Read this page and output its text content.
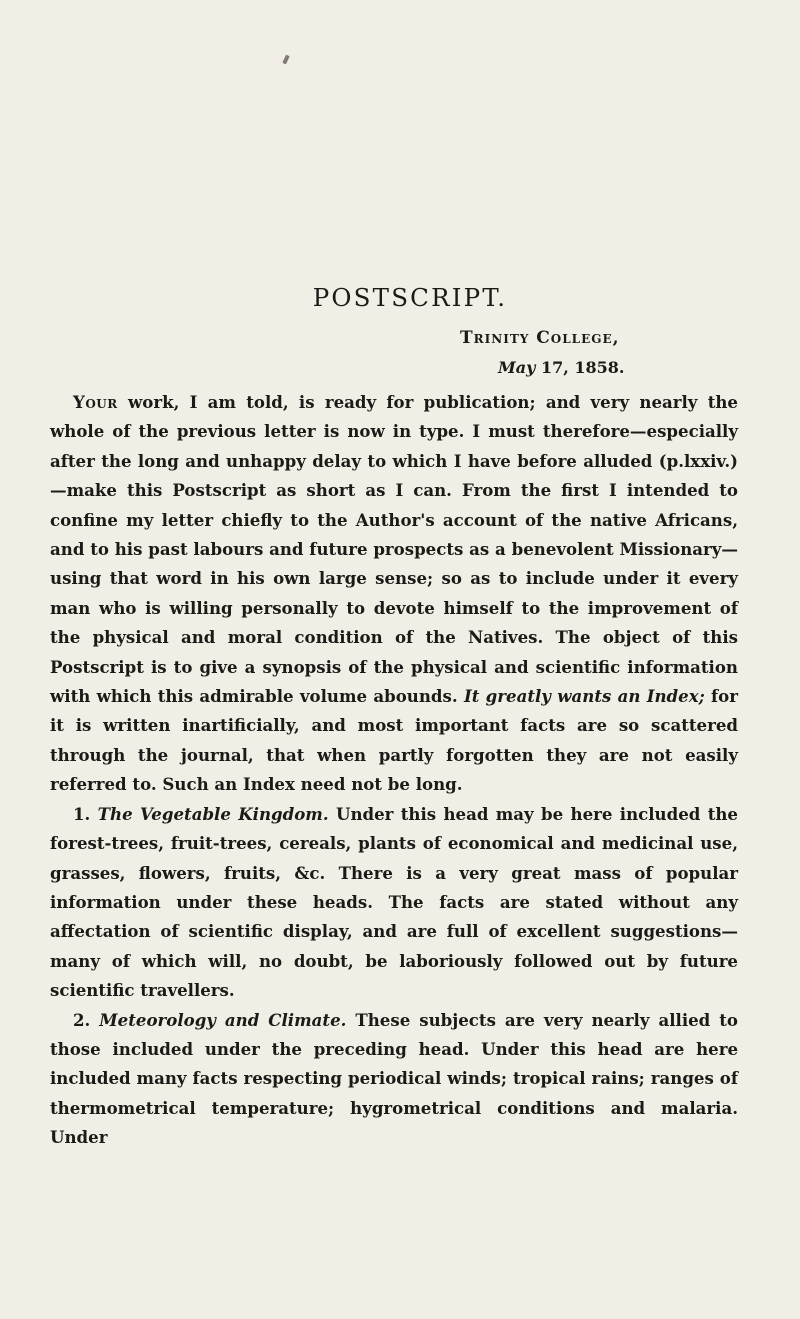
POSTSCRIPT.
Trinity College,
May 17, 1858.

Your work, I am told, is ready for publication; and very nearly the whole of the previous letter is now in type. I must therefore—especially after the long and unhappy delay to which I have before alluded (p.lxxiv.)—make this Postscript as short as I can. From the first I intended to confine my letter chiefly to the Author's account of the native Africans, and to his past labours and future prospects as a benevolent Missionary—using that word in his own large sense; so as to include under it every man who is willing personally to devote himself to the improvement of the physical and moral condition of the Natives. The object of this Postscript is to give a synopsis of the physical and scientific information with which this admirable volume abounds. It greatly wants an Index; for it is written inartificially, and most important facts are so scattered through the journal, that when partly forgotten they are not easily referred to. Such an Index need not be long.

1. The Vegetable Kingdom. Under this head may be here included the forest-trees, fruit-trees, cereals, plants of economical and medicinal use, grasses, flowers, fruits, &c. There is a very great mass of popular information under these heads. The facts are stated without any affectation of scientific display, and are full of excellent suggestions—many of which will, no doubt, be laboriously followed out by future scientific travellers.

2. Meteorology and Climate. These subjects are very nearly allied to those included under the preceding head. Under this head are here included many facts respecting periodical winds; tropical rains; ranges of thermometrical temperature; hygrometrical conditions and malaria. Under
